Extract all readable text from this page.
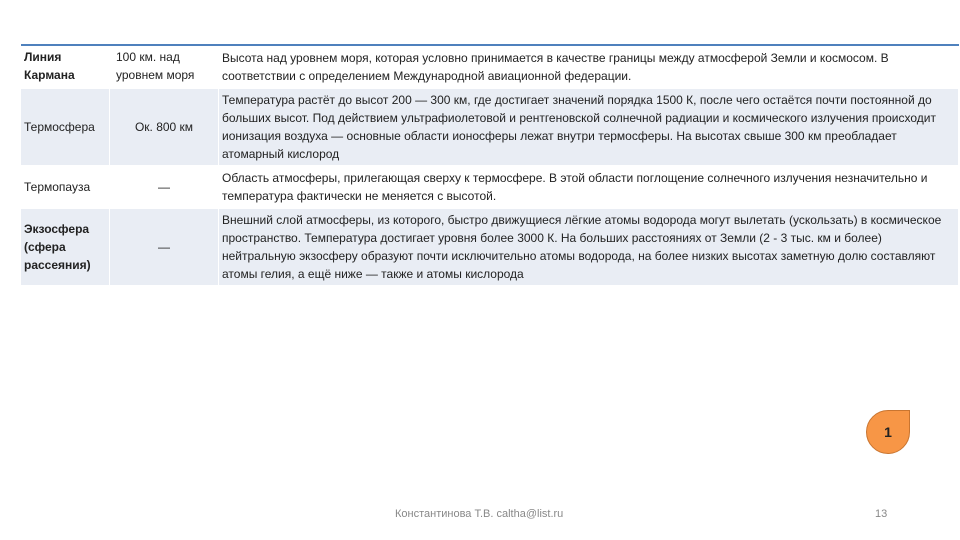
Линия Кармана	100 км. над уровнем моря	Высота над уровнем моря, которая условно принимается в качестве границы между атмосферой Земли и космосом. В соответствии с определением Международной авиационной федерации.
Термосфера	Ок. 800 км	Температура растёт до высот 200 — 300 км, где достигает значений порядка 1500 К, после чего остаётся почти постоянной до больших высот. Под действием ультрафиолетовой и рентгеновской солнечной радиации и космического излучения происходит ионизация воздуха — основные области ионосферы лежат внутри термосферы. На высотах свыше 300 км преобладает атомарный кислород
Термопауза	—	Область атмосферы, прилегающая сверху к термосфере. В этой области поглощение солнечного излучения незначительно и температура фактически не меняется с высотой.
Экзосфера (сфера рассеяния)	—	Внешний слой атмосферы, из которого, быстро движущиеся лёгкие атомы водорода могут вылетать (ускользать) в космическое пространство. Температура достигает уровня более 3000 К. На больших расстояниях от Земли (2 - 3 тыс. км и более) нейтральную экзосферу образуют почти исключительно атомы водорода, на более низких высотах заметную долю составляют атомы гелия, а ещё ниже — также и атомы кислорода
1
Константинова Т.В. caltha@list.ru	13
